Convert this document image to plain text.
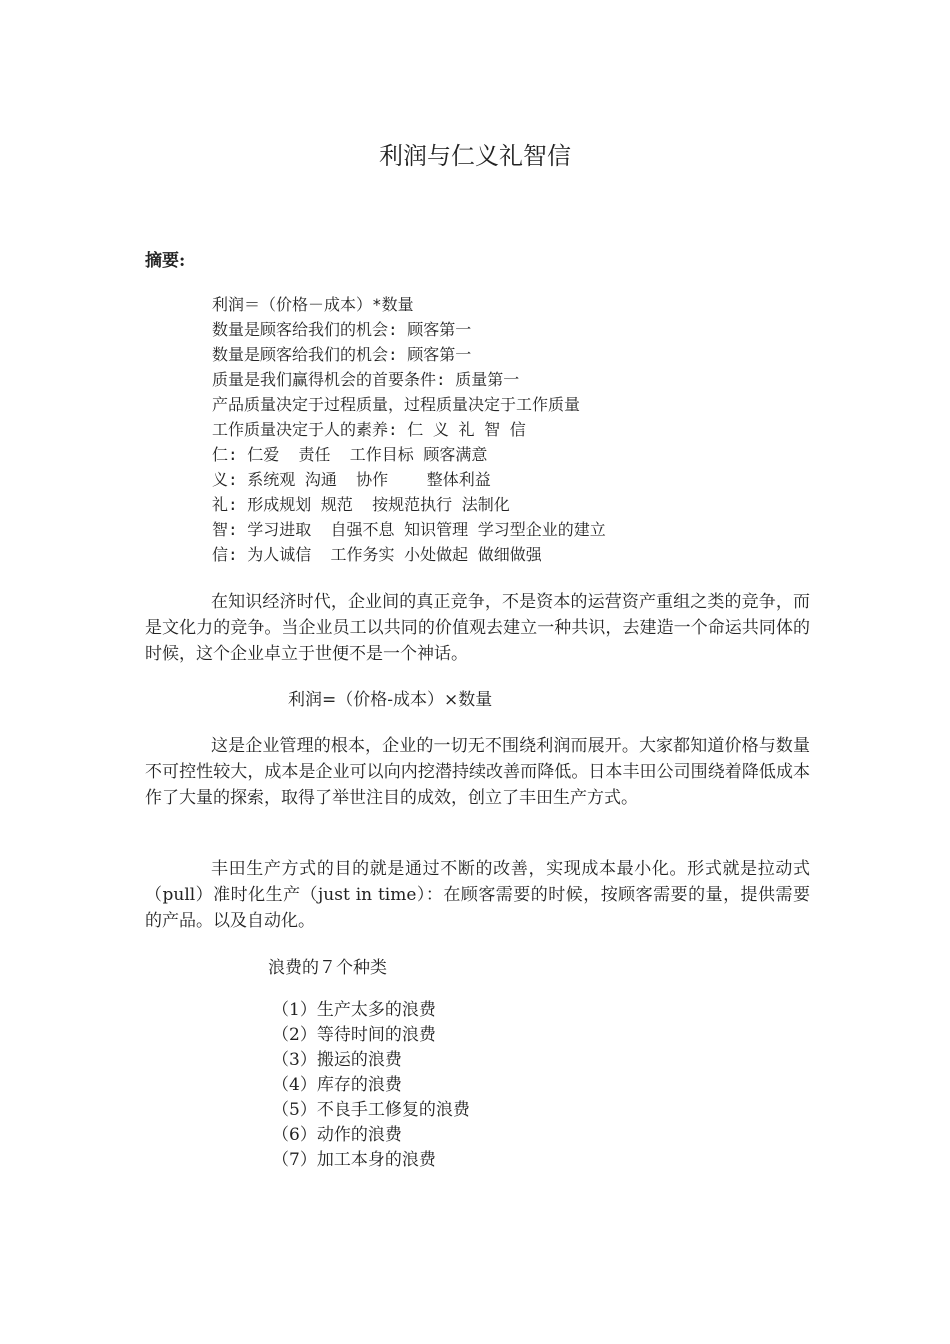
利润与仁义礼智信
摘要:
利润＝（价格－成本）*数量
数量是顾客给我们的机会: 顾客第一
数量是顾客给我们的机会: 顾客第一
质量是我们赢得机会的首要条件: 质量第一
产品质量决定于过程质量，过程质量决定于工作质量
工作质量决定于人的素养: 仁 义 礼 智 信
仁: 仁爱  责任  工作目标 顾客满意
义: 系统观 沟通  协作    整体利益
礼: 形成规划 规范  按规范执行 法制化
智: 学习进取  自强不息 知识管理 学习型企业的建立
信: 为人诚信  工作务实 小处做起 做细做强
在知识经济时代，企业间的真正竞争，不是资本的运营资产重组之类的竞争，而是文化力的竞争。当企业员工以共同的价值观去建立一种共识，去建造一个命运共同体的时候，这个企业卓立于世便不是一个神话。
利润=（价格-成本）×数量
这是企业管理的根本，企业的一切无不围绕利润而展开。大家都知道价格与数量不可控性较大，成本是企业可以向内挖潜持续改善而降低。日本丰田公司围绕着降低成本作了大量的探索，取得了举世注目的成效，创立了丰田生产方式。
丰田生产方式的目的就是通过不断的改善，实现成本最小化。形式就是拉动式（pull）准时化生产（just in time）：在顾客需要的时候，按顾客需要的量，提供需要的产品。以及自动化。
浪费的７个种类
（1）生产太多的浪费
（2）等待时间的浪费
（3）搬运的浪费
（4）库存的浪费
（5）不良手工修复的浪费
（6）动作的浪费
（7）加工本身的浪费
